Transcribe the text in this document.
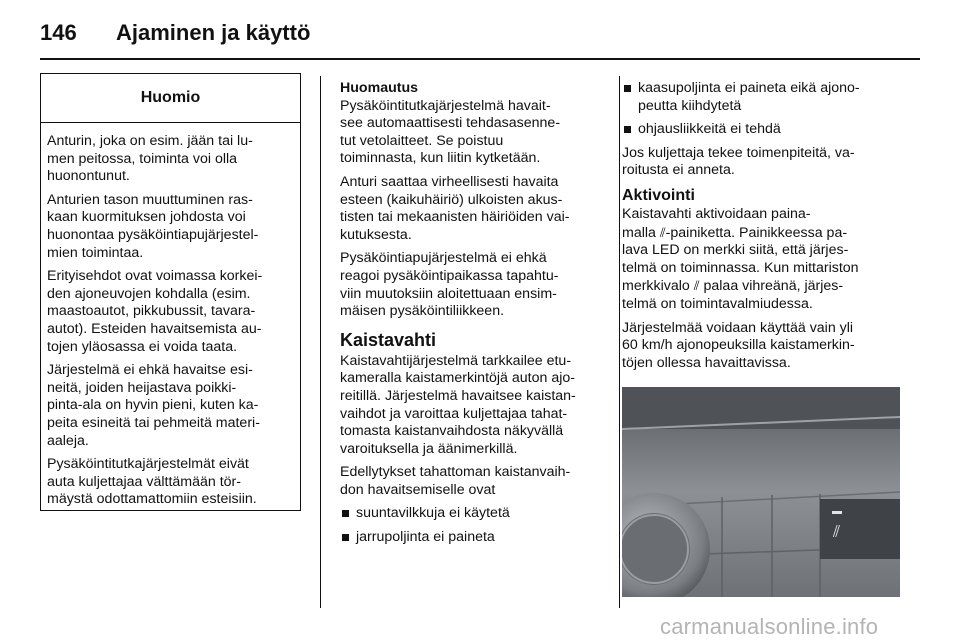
146 Ajaminen ja käyttö
Huomio

Anturin, joka on esim. jään tai lu-
men peitossa, toiminta voi olla
huonontunut.

Anturien tason muuttuminen ras-
kaan kuormituksen johdosta voi
huonontaa pysäköintiapujärjestel-
mien toimintaa.

Erityisehdot ovat voimassa korkei-
den ajoneuvojen kohdalla (esim.
maastoautot, pikkubussit, tavara-
autot). Esteiden havaitsemista au-
tojen yläosassa ei voida taata.

Järjestelmä ei ehkä havaitse esi-
neitä, joiden heijastava poikki-
pinta-ala on hyvin pieni, kuten ka-
peita esineitä tai pehmeitä materi-
aaleja.

Pysäköintitutkajärjestelmät eivät
auta kuljettajaa välttämään tör-
mäystä odottamattomiin esteisiin.

Huomautus

Pysäköintitutkajärjestelmä havait-
see automaattisesti tehdasasenne-
tut vetolaitteet. Se poistuu
toiminnasta, kun liitin kytketään.

Anturi saattaa virheellisesti havaita
esteen (kaikuhäiriö) ulkoisten akus-
tisten tai mekaanisten häiriöiden vai-
kutuksesta.

Pysäköintiapujärjestelmä ei ehkä
reagoi pysäköintipaikassa tapahtu-
viin muutoksiin aloitettuaan ensim-
mäisen pysäköintiliikkeen.

Kaistavahti

Kaistavahtijärjestelmä tarkkailee etu-
kameralla kaistamerkintöjä auton ajo-
reitillä. Järjestelmä havaitsee kaistan-
vaihdot ja varoittaa kuljettajaa tahat-
tomasta kaistanvaihdosta näkyvällä
varoituksella ja äänimerkillä.

Edellytykset tahattoman kaistanvaih-
don havaitsemiselle ovat

suuntavilkkuja ei käytetä

jarrupoljinta ei paineta

kaasupoljinta ei paineta eikä ajono-
peutta kiihdytetä

ohjausliikkeitä ei tehdä

Jos kuljettaja tekee toimenpiteitä, va-
roitusta ei anneta.

Aktivointi

Kaistavahti aktivoidaan paina-
malla ⫽-painiketta. Painikkeessa pa-
lava LED on merkki siitä, että järjes-
telmä on toiminnassa. Kun mittariston
merkkivalo ⫽ palaa vihreänä, järjes-
telmä on toimintavalmiudessa.

Järjestelmää voidaan käyttää vain yli
60 km/h ajonopeuksilla kaistamerkin-
töjen ollessa havaittavissa.

⫽
carmanualsonline.info
